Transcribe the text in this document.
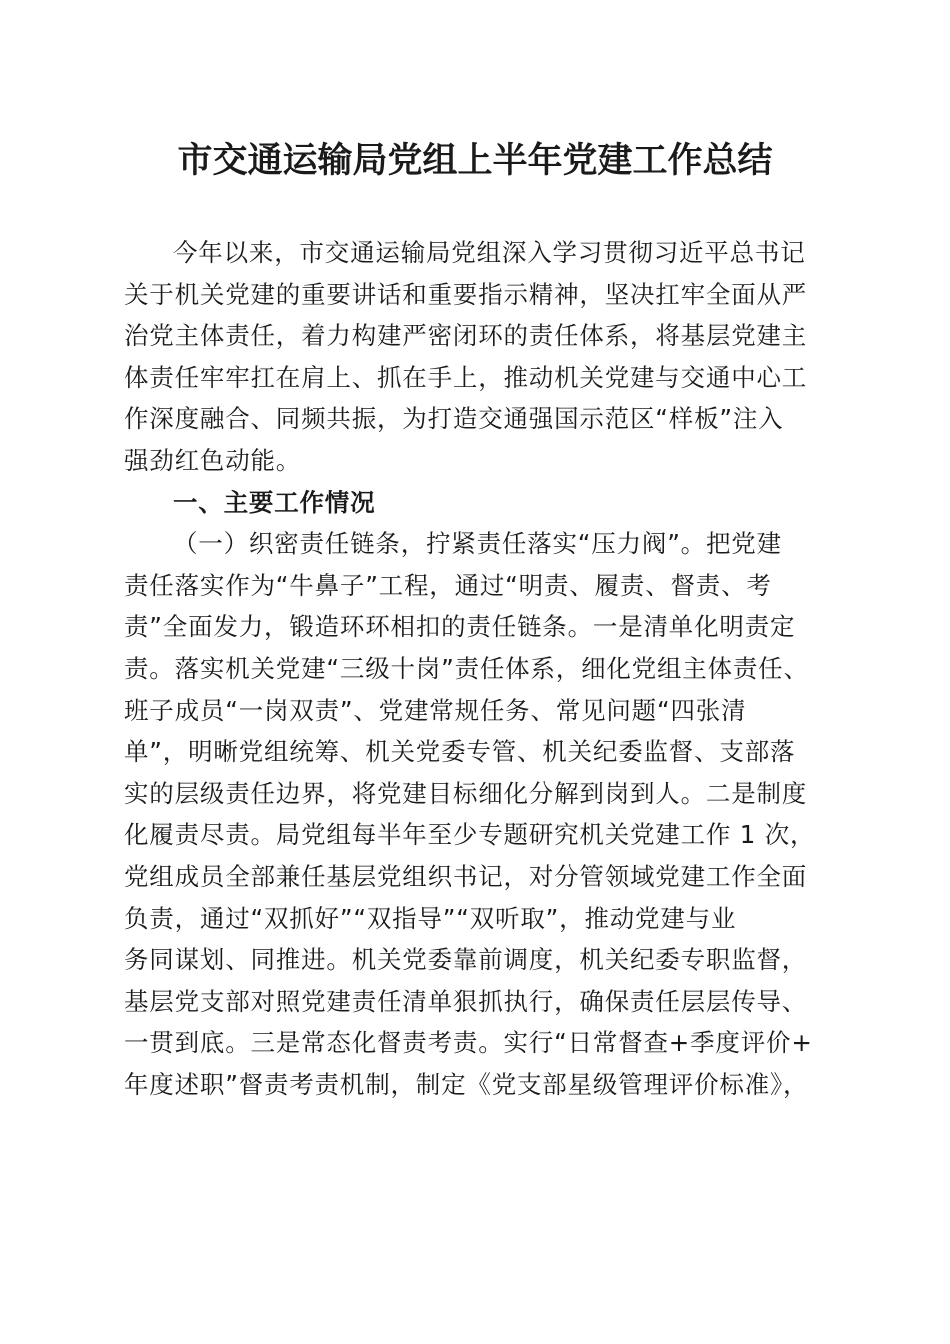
市交通运输局党组上半年党建工作总结
今年以来，市交通运输局党组深入学习贯彻习近平总书记
关于机关党建的重要讲话和重要指示精神，坚决扛牢全面从严
治党主体责任，着力构建严密闭环的责任体系，将基层党建主
体责任牢牢扛在肩上、抓在手上，推动机关党建与交通中心工
作深度融合、同频共振，为打造交通强国示范区“样板”注入
强劲红色动能。
一、主要工作情况
（一）织密责任链条，拧紧责任落实“压力阀”。把党建
责任落实作为“牛鼻子”工程，通过“明责、履责、督责、考
责”全面发力，锻造环环相扣的责任链条。一是清单化明责定
责。落实机关党建“三级十岗”责任体系，细化党组主体责任、
班子成员“一岗双责”、党建常规任务、常见问题“四张清
单”，明晰党组统筹、机关党委专管、机关纪委监督、支部落
实的层级责任边界，将党建目标细化分解到岗到人。二是制度
化履责尽责。局党组每半年至少专题研究机关党建工作 1 次，
党组成员全部兼任基层党组织书记，对分管领域党建工作全面
负责，通过“双抓好”“双指导”“双听取”，推动党建与业
务同谋划、同推进。机关党委靠前调度，机关纪委专职监督，
基层党支部对照党建责任清单狠抓执行，确保责任层层传导、
一贯到底。三是常态化督责考责。实行“日常督查+季度评价+
年度述职”督责考责机制，制定《党支部星级管理评价标准》，
